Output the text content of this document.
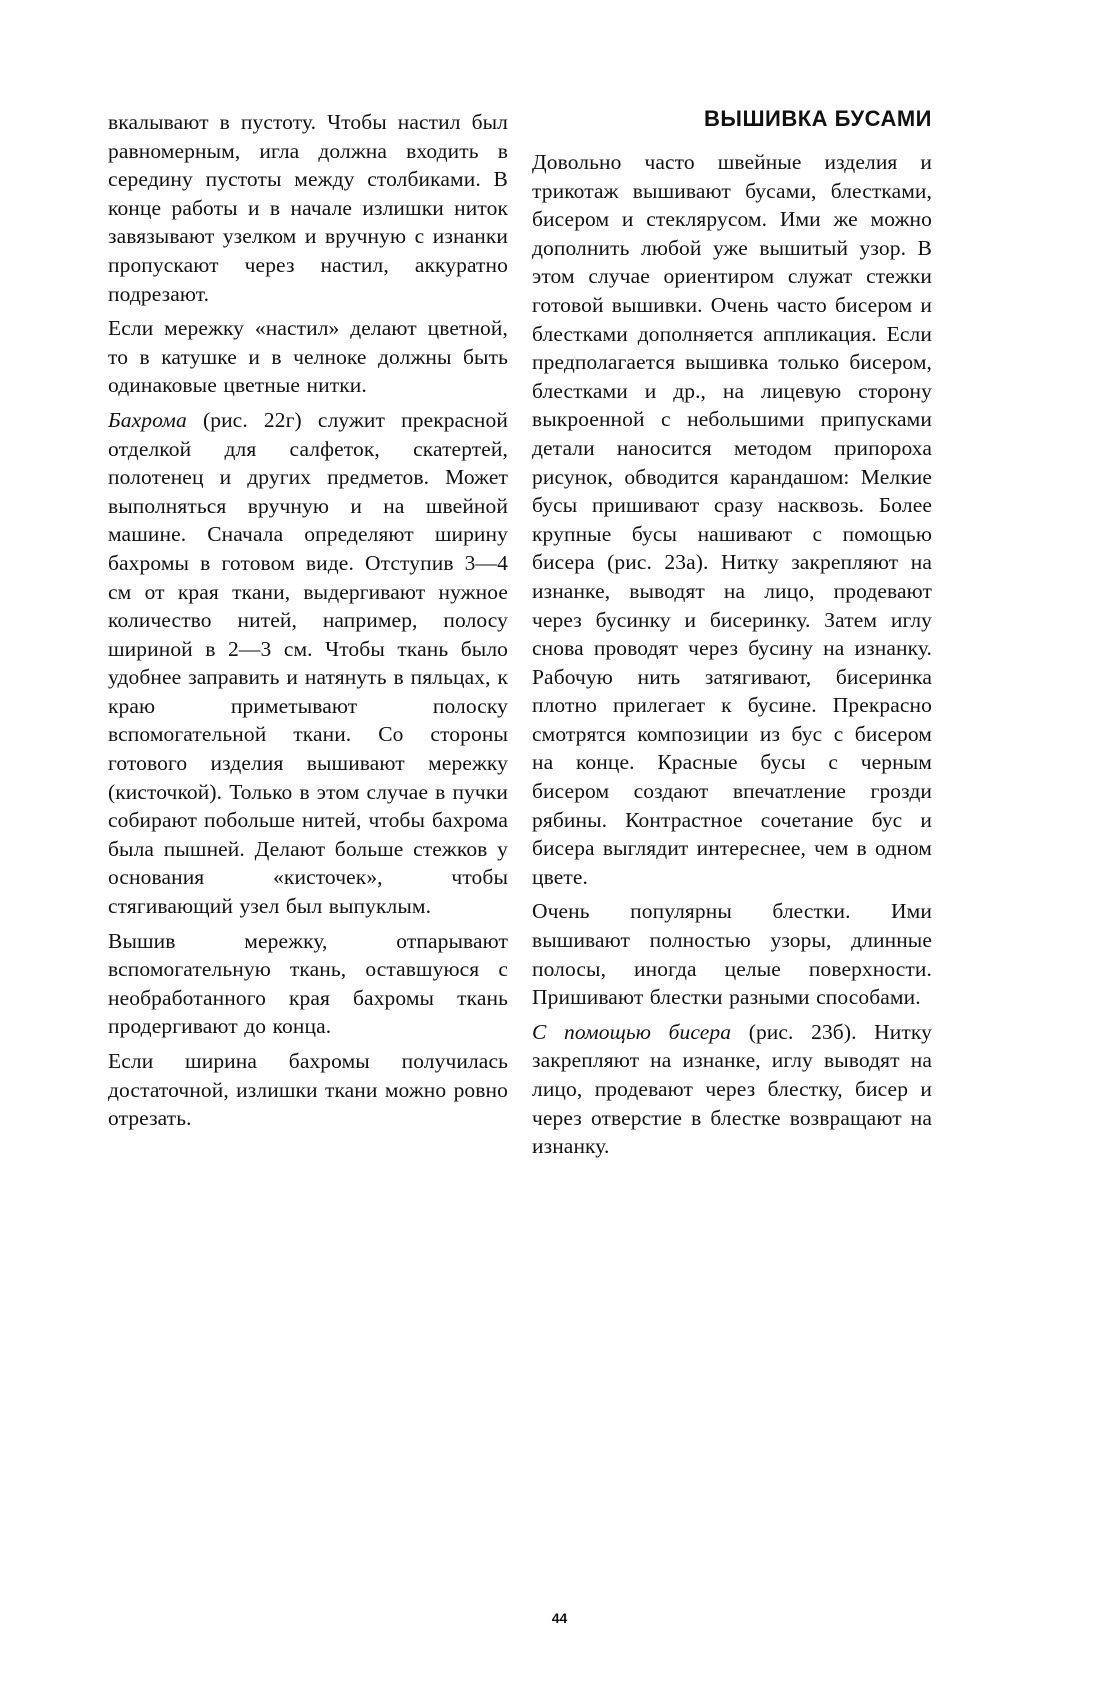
вкалывают в пустоту. Чтобы настил был равномерным, игла должна входить в середину пустоты между столбиками. В конце работы и в начале излишки ниток завязывают узелком и вручную с изнанки пропускают через настил, аккуратно подрезают.

Если мережку «настил» делают цветной, то в катушке и в челноке должны быть одинаковые цветные нитки.

Бахрома (рис. 22г) служит прекрасной отделкой для салфеток, скатертей, полотенец и других предметов. Может выполняться вручную и на швейной машине. Сначала определяют ширину бахромы в готовом виде. Отступив 3—4 см от края ткани, выдергивают нужное количество нитей, например, полосу шириной в 2—3 см. Чтобы ткань было удобнее заправить и натянуть в пяльцах, к краю приметывают полоску вспомогательной ткани. Со стороны готового изделия вышивают мережку (кисточкой). Только в этом случае в пучки собирают побольше нитей, чтобы бахрома была пышней. Делают больше стежков у основания «кисточек», чтобы стягивающий узел был выпуклым.

Вышив мережку, отпарывают вспомогательную ткань, оставшуюся с необработанного края бахромы ткань продергивают до конца.

Если ширина бахромы получилась достаточной, излишки ткани можно ровно отрезать.

ВЫШИВКА БУСАМИ

Довольно часто швейные изделия и трикотаж вышивают бусами, блестками, бисером и стеклярусом. Ими же можно дополнить любой уже вышитый узор. В этом случае ориентиром служат стежки готовой вышивки. Очень часто бисером и блестками дополняется аппликация. Если предполагается вышивка только бисером, блестками и др., на лицевую сторону выкроенной с небольшими припусками детали наносится методом припороха рисунок, обводится карандашом: Мелкие бусы пришивают сразу насквозь. Более крупные бусы нашивают с помощью бисера (рис. 23а). Нитку закрепляют на изнанке, выводят на лицо, продевают через бусинку и бисеринку. Затем иглу снова проводят через бусину на изнанку. Рабочую нить затягивают, бисеринка плотно прилегает к бусине. Прекрасно смотрятся композиции из бус с бисером на конце. Красные бусы с черным бисером создают впечатление грозди рябины. Контрастное сочетание бус и бисера выглядит интереснее, чем в одном цвете.

Очень популярны блестки. Ими вышивают полностью узоры, длинные полосы, иногда целые поверхности. Пришивают блестки разными способами.

С помощью бисера (рис. 23б). Нитку закрепляют на изнанке, иглу выводят на лицо, продевают через блестку, бисер и через отверстие в блестке возвращают на изнанку.

44
